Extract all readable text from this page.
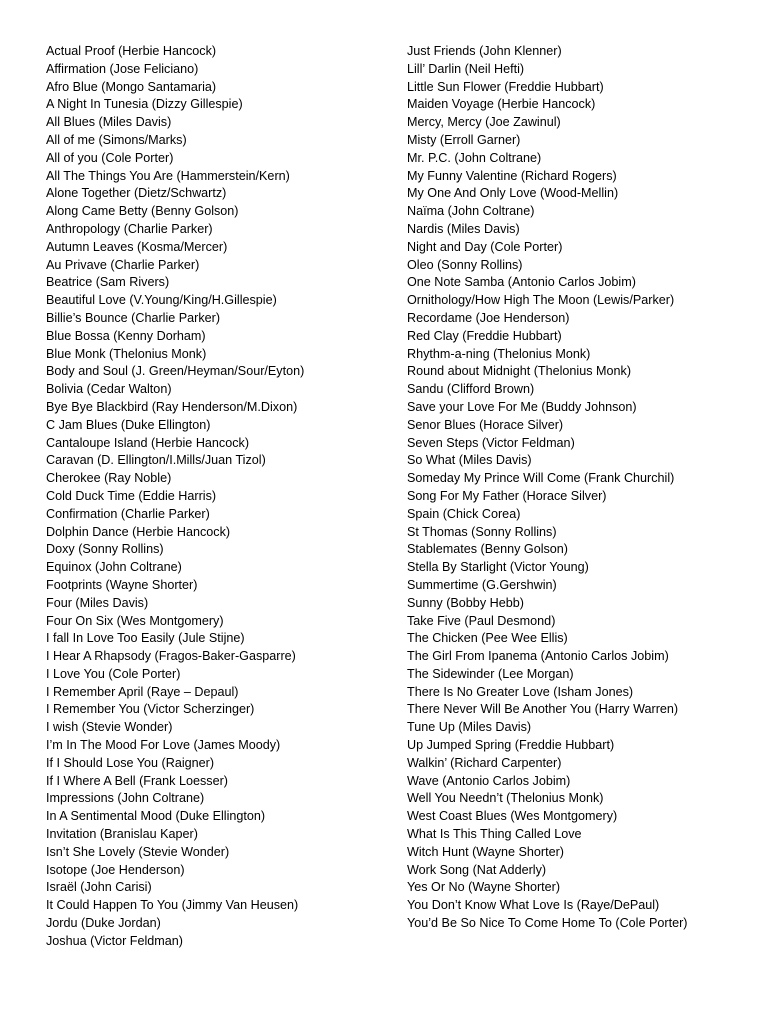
Actual Proof (Herbie Hancock)
Affirmation (Jose Feliciano)
Afro Blue (Mongo Santamaria)
A Night In Tunesia (Dizzy Gillespie)
All Blues (Miles Davis)
All of me (Simons/Marks)
All of you (Cole Porter)
All The Things You Are (Hammerstein/Kern)
Alone Together (Dietz/Schwartz)
Along Came Betty (Benny Golson)
Anthropology (Charlie Parker)
Autumn Leaves (Kosma/Mercer)
Au Privave (Charlie Parker)
Beatrice (Sam Rivers)
Beautiful Love (V.Young/King/H.Gillespie)
Billie’s Bounce (Charlie Parker)
Blue Bossa (Kenny Dorham)
Blue Monk (Thelonius Monk)
Body and Soul (J. Green/Heyman/Sour/Eyton)
Bolivia (Cedar Walton)
Bye Bye Blackbird (Ray Henderson/M.Dixon)
C Jam Blues (Duke Ellington)
Cantaloupe Island (Herbie Hancock)
Caravan (D. Ellington/I.Mills/Juan Tizol)
Cherokee (Ray Noble)
Cold Duck Time (Eddie Harris)
Confirmation (Charlie Parker)
Dolphin Dance (Herbie Hancock)
Doxy (Sonny Rollins)
Equinox (John Coltrane)
Footprints (Wayne Shorter)
Four (Miles Davis)
Four On Six (Wes Montgomery)
I fall In Love Too Easily (Jule Stijne)
I Hear A Rhapsody (Fragos-Baker-Gasparre)
I Love You (Cole Porter)
I Remember April (Raye – Depaul)
I Remember You (Victor Scherzinger)
I wish (Stevie Wonder)
I’m In The Mood For Love (James Moody)
If I Should Lose You (Raigner)
If I Where A Bell (Frank Loesser)
Impressions (John Coltrane)
In A Sentimental Mood (Duke Ellington)
Invitation (Branislau Kaper)
Isn’t She Lovely (Stevie Wonder)
Isotope (Joe Henderson)
Israël (John Carisi)
It Could Happen To You (Jimmy Van Heusen)
Jordu (Duke Jordan)
Joshua (Victor Feldman)
Just Friends (John Klenner)
Lill’ Darlin (Neil Hefti)
Little Sun Flower (Freddie Hubbart)
Maiden Voyage (Herbie Hancock)
Mercy, Mercy (Joe Zawinul)
Misty (Erroll Garner)
Mr. P.C. (John Coltrane)
My Funny Valentine (Richard Rogers)
My One And Only Love (Wood-Mellin)
Naïma (John Coltrane)
Nardis (Miles Davis)
Night and Day (Cole Porter)
Oleo (Sonny Rollins)
One Note Samba (Antonio Carlos Jobim)
Ornithology/How High The Moon (Lewis/Parker)
Recordame (Joe Henderson)
Red Clay (Freddie Hubbart)
Rhythm-a-ning (Thelonius Monk)
Round about Midnight (Thelonius Monk)
Sandu (Clifford Brown)
Save your Love For Me (Buddy Johnson)
Senor Blues (Horace Silver)
Seven Steps (Victor Feldman)
So What (Miles Davis)
Someday My Prince Will Come (Frank Churchil)
Song For My Father (Horace Silver)
Spain (Chick Corea)
St Thomas (Sonny Rollins)
Stablemates (Benny Golson)
Stella By Starlight (Victor Young)
Summertime (G.Gershwin)
Sunny (Bobby Hebb)
Take Five (Paul Desmond)
The Chicken (Pee Wee Ellis)
The Girl From Ipanema (Antonio Carlos Jobim)
The Sidewinder (Lee Morgan)
There Is No Greater Love (Isham Jones)
There Never Will Be Another You (Harry Warren)
Tune Up (Miles Davis)
Up Jumped Spring (Freddie Hubbart)
Walkin’ (Richard Carpenter)
Wave (Antonio Carlos Jobim)
Well You Needn’t (Thelonius Monk)
West Coast Blues (Wes Montgomery)
What Is This Thing Called Love
Witch Hunt (Wayne Shorter)
Work Song (Nat Adderly)
Yes Or No (Wayne Shorter)
You Don’t Know What Love Is (Raye/DePaul)
You’d Be So Nice To Come Home To (Cole Porter)
